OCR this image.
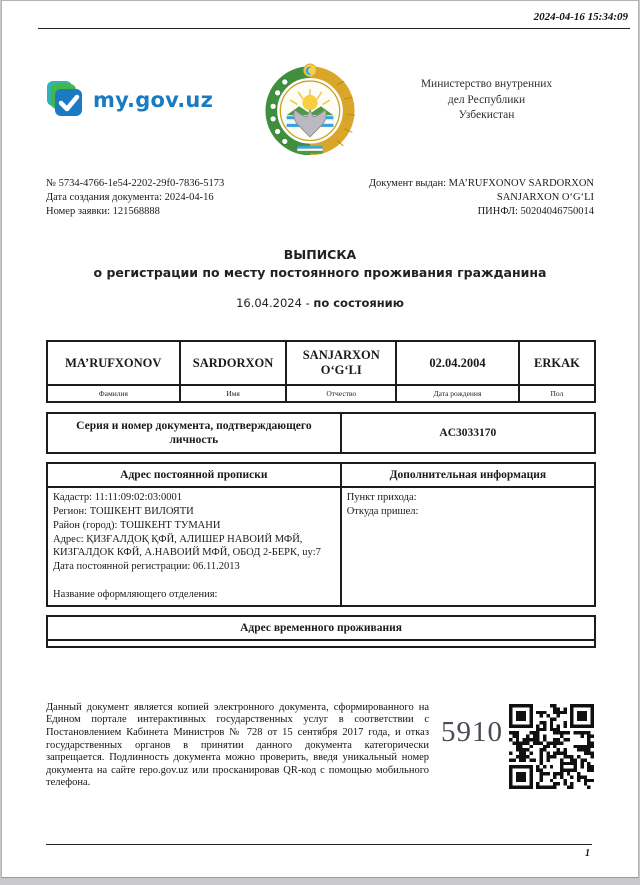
2024-04-16 15:34:09
my.gov.uz
Министерство внутренних
дел Республики
Узбекистан
№ 5734-4766-1e54-2202-29f0-7836-5173
Дата создания документа: 2024-04-16
Номер заявки: 121568888
Документ выдан: MA’RUFXONOV SARDORXON
SANJARXON O‘G‘LI
ПИНФЛ: 50204046750014
ВЫПИСКА
о регистрации по месту постоянного проживания гражданина
16.04.2024 - по состоянию
MA’RUFXONOV	SARDORXON	SANJARXON O‘G‘LI	02.04.2004	ERKAK
Фамилия	Имя	Отчество	Дата рождения	Пол
Серия и номер документа, подтверждающего личность	AC3033170
Адрес постоянной прописки	Дополнительная информация

Кадастр: 11:11:09:02:03:0001
Регион: ТОШКЕНТ ВИЛОЯТИ
Район (город): ТОШКЕНТ ТУМАНИ
Адрес: ҚИЗҒАЛДОҚ ҚФЙ, АЛИШЕР НАВОИЙ МФЙ, КИЗГАЛДОК КФЙ, А.НАВОИЙ МФЙ, ОБОД 2-БЕРК, uy:7
Дата постоянной регистрации: 06.11.2013
Название оформляющего отделения:

Пункт прихода:
Откуда пришел:
Адрес временного проживания

Данный документ является копией электронного документа, сформированного на Едином портале интерактивных государственных услуг в соответствии с Постановлением Кабинета Министров № 728 от 15 сентября 2017 года, и отказ государственных органов в принятии данного документа категорически запрещается. Подлинность документа можно проверить, введя уникальный номер документа на сайте repo.gov.uz или просканировав QR-код с помощью мобильного телефона.
5910
1
